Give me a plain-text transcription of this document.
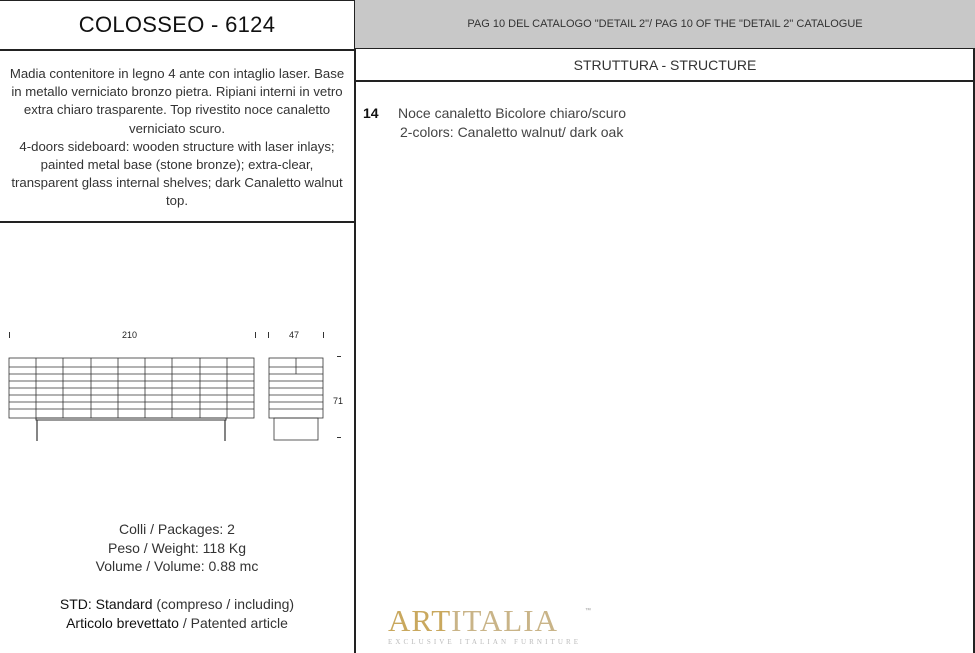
COLOSSEO - 6124	PAG 10 DEL CATALOGO "DETAIL 2"/ PAG 10 OF THE "DETAIL 2" CATALOGUE

Madia contenitore in legno 4 ante con intaglio laser. Base in metallo verniciato bronzo pietra. Ripiani interni in vetro extra chiaro trasparente. Top rivestito noce canaletto verniciato scuro.

4-doors sideboard: wooden structure with laser inlays; painted metal base (stone bronze); extra-clear, transparent glass internal shelves; dark Canaletto walnut top.

STRUTTURA - STRUCTURE
14 Noce canaletto Bicolore chiaro/scuro
2-colors: Canaletto walnut/ dark oak
210	47
71
Colli / Packages: 2
Peso / Weight: 118 Kg
Volume / Volume: 0.88 mc
STD: Standard (compreso / including)
Articolo brevettato / Patented article	ARTITALIA	™
EXCLUSIVE ITALIAN FURNITURE
